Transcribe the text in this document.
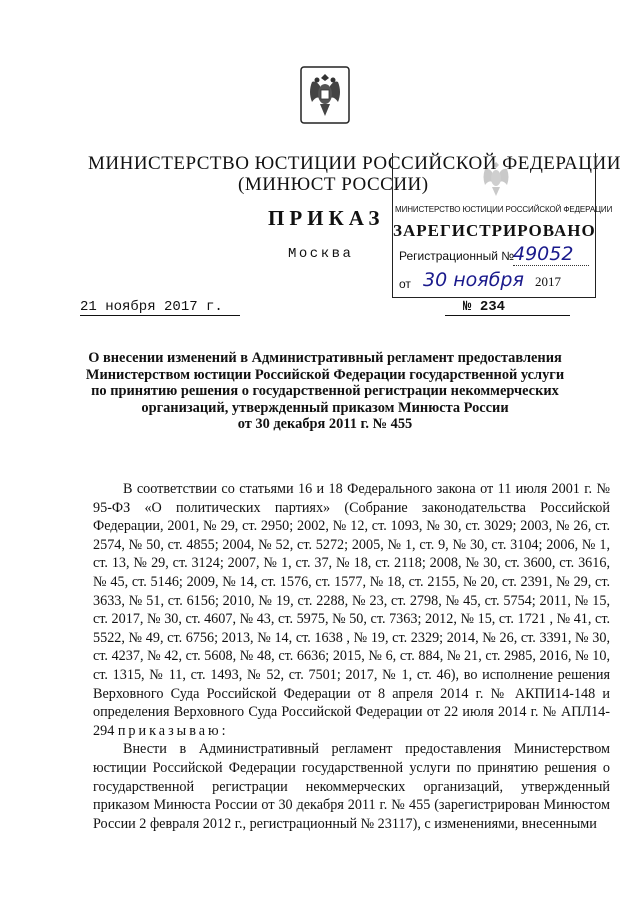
МИНИСТЕРСТВО ЮСТИЦИИ РОССИЙСКОЙ ФЕДЕРАЦИИ
(МИНЮСТ РОССИИ)
ПРИКАЗ
Москва
21 ноября 2017 г.	№ 234
МИНИСТЕРСТВО ЮСТИЦИИ РОССИЙСКОЙ ФЕДЕРАЦИИ
ЗАРЕГИСТРИРОВАНО
Регистрационный №
49052
от 30 ноября 2017
О внесении изменений в Административный регламент предоставления
Министерством юстиции Российской Федерации государственной услуги
по принятию решения о государственной регистрации некоммерческих
организаций, утвержденный приказом Минюста России
от 30 декабря 2011 г. № 455

В соответствии со статьями 16 и 18 Федерального закона от 11 июля 2001 г. № 95-ФЗ «О политических партиях» (Собрание законодательства Российской Федерации, 2001, № 29, ст. 2950; 2002, № 12, ст. 1093, № 30, ст. 3029; 2003, № 26, ст. 2574, № 50, ст. 4855; 2004, № 52, ст. 5272; 2005, № 1, ст. 9, № 30, ст. 3104; 2006, № 1, ст. 13, № 29, ст. 3124; 2007, № 1, ст. 37, № 18, ст. 2118; 2008, № 30, ст. 3600, ст. 3616, № 45, ст. 5146; 2009, № 14, ст. 1576, ст. 1577, № 18, ст. 2155, № 20, ст. 2391, № 29, ст. 3633, № 51, ст. 6156; 2010, № 19, ст. 2288, № 23, ст. 2798, № 45, ст. 5754; 2011, № 15, ст. 2017, № 30, ст. 4607, № 43, ст. 5975, № 50, ст. 7363; 2012, № 15, ст. 1721 , № 41, ст. 5522, № 49, ст. 6756; 2013, № 14, ст. 1638 , № 19, ст. 2329; 2014, № 26, ст. 3391, № 30, ст. 4237, № 42, ст. 5608, № 48, ст. 6636; 2015, № 6, ст. 884, № 21, ст. 2985, 2016, № 10, ст. 1315, № 11, ст. 1493, № 52, ст. 7501; 2017, № 1, ст. 46), во исполнение решения Верховного Суда Российской Федерации от 8 апреля 2014 г. № АКПИ14-148 и определения Верховного Суда Российской Федерации от 22 июля 2014 г. № АПЛ14-294 приказываю:

Внести в Административный регламент предоставления Министерством юстиции Российской Федерации государственной услуги по принятию решения о государственной регистрации некоммерческих организаций, утвержденный приказом Минюста России от 30 декабря 2011 г. № 455 (зарегистрирован Минюстом России 2 февраля 2012 г., регистрационный № 23117), с изменениями, внесенными
